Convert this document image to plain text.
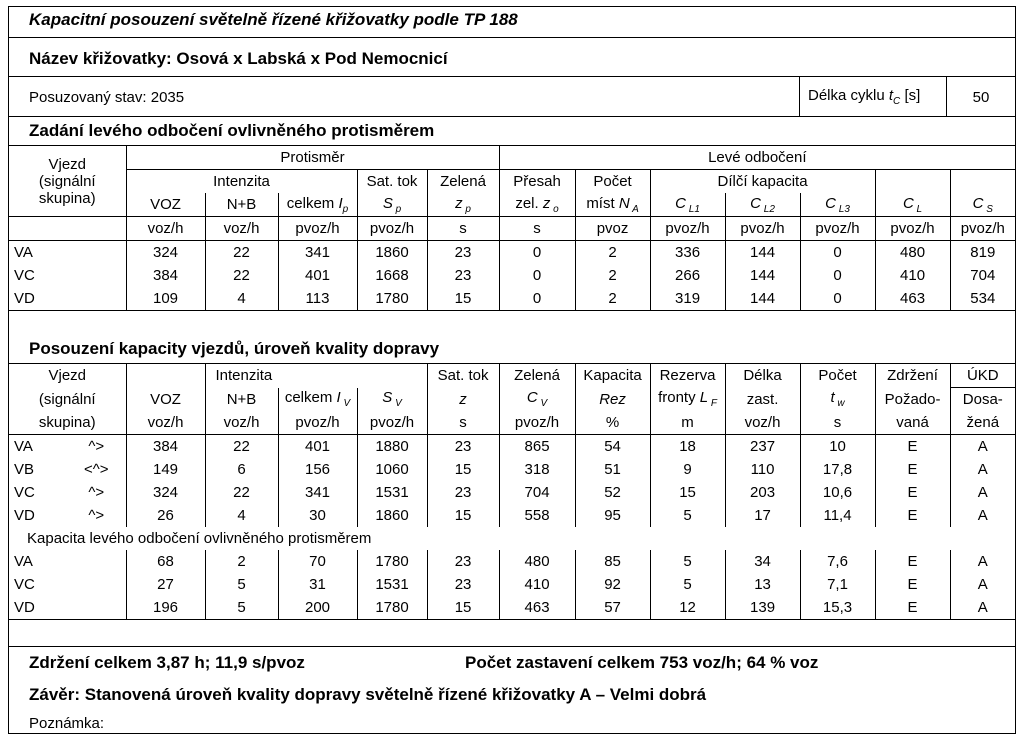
Kapacitní posouzení světelně řízené křižovatky podle TP 188
Název křižovatky: Osová x Labská x Pod Nemocnicí
Posuzovaný stav: 2035	Délka cyklu $t_C$ [s]	50
Zadání levého odbočení ovlivněného protisměrem
Vjezd
(signální
skupina)	Protisměr					Levé odbočení						
	Intenzita			Sat. tok	Zelená	Přesah	Počet	Dílčí kapacita				
	VOZ	N+B	celkem $I_p$	S $_p$	z $_p$	zel. z $_o$	míst N $_A$	C $_{L1}$	C $_{L2}$	C $_{L3}$	C $_L$	C $_S$
	voz/h	voz/h	pvoz/h	pvoz/h	s	s	pvoz	pvoz/h	pvoz/h	pvoz/h	pvoz/h	pvoz/h
VA	324	22	341	1860	23	0	2	336	144	0	480	819
VC	384	22	401	1668	23	0	2	266	144	0	410	704
VD	109	4	113	1780	15	0	2	319	144	0	463	534
Posouzení kapacity vjezdů, úroveň kvality dopravy
Vjezd			Intenzita			Sat. tok	Zelená	Kapacita	Rezerva	Délka	Počet	Zdržení	ÚKD
(signální		VOZ	N+B	celkem I $_V$	S $_V$	z	C $_V$	Rez	fronty L $_F$	zast.	t $_w$	Požado-	Dosa-
skupina)		voz/h	voz/h	pvoz/h	pvoz/h	s	pvoz/h	%	m	voz/h	s	vaná	žená
VA	^>	384	22	401	1880	23	865	54	18	237	10	E	A
VB	<^>	149	6	156	1060	15	318	51	9	110	17,8	E	A
VC	^>	324	22	341	1531	23	704	52	15	203	10,6	E	A
VD	^>	26	4	30	1860	15	558	95	5	17	11,4	E	A
Kapacita levého odbočení ovlivněného protisměrem													
VA		68	2	70	1780	23	480	85	5	34	7,6	E	A
VC		27	5	31	1531	23	410	92	5	13	7,1	E	A
VD		196	5	200	1780	15	463	57	12	139	15,3	E	A
Zdržení celkem 3,87 h; 11,9 s/pvoz	Počet zastavení celkem 753 voz/h; 64 % voz
Závěr: Stanovená úroveň kvality dopravy světelně řízené křižovatky A – Velmi dobrá
Poznámka:
